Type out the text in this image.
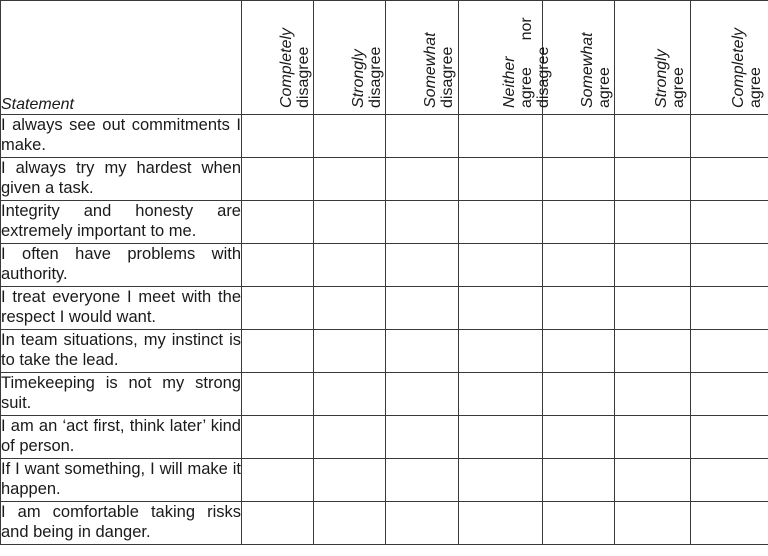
Statement	Completely disagree	Strongly disagree	Somewhat disagree	Neither agree      nor disagree	Somewhat agree	Strongly agree	Completely agree

I always see out commitments I make.							
I always try my hardest when given a task.							
Integrity and honesty are extremely important to me.							
I often have problems with authority.							
I treat everyone I meet with the respect I would want.							
In team situations, my instinct is to take the lead.							
Timekeeping is not my strong suit.							
I am an ‘act first, think later’ kind of person.							
If I want something, I will make it happen.							
I am comfortable taking risks and being in danger.							
